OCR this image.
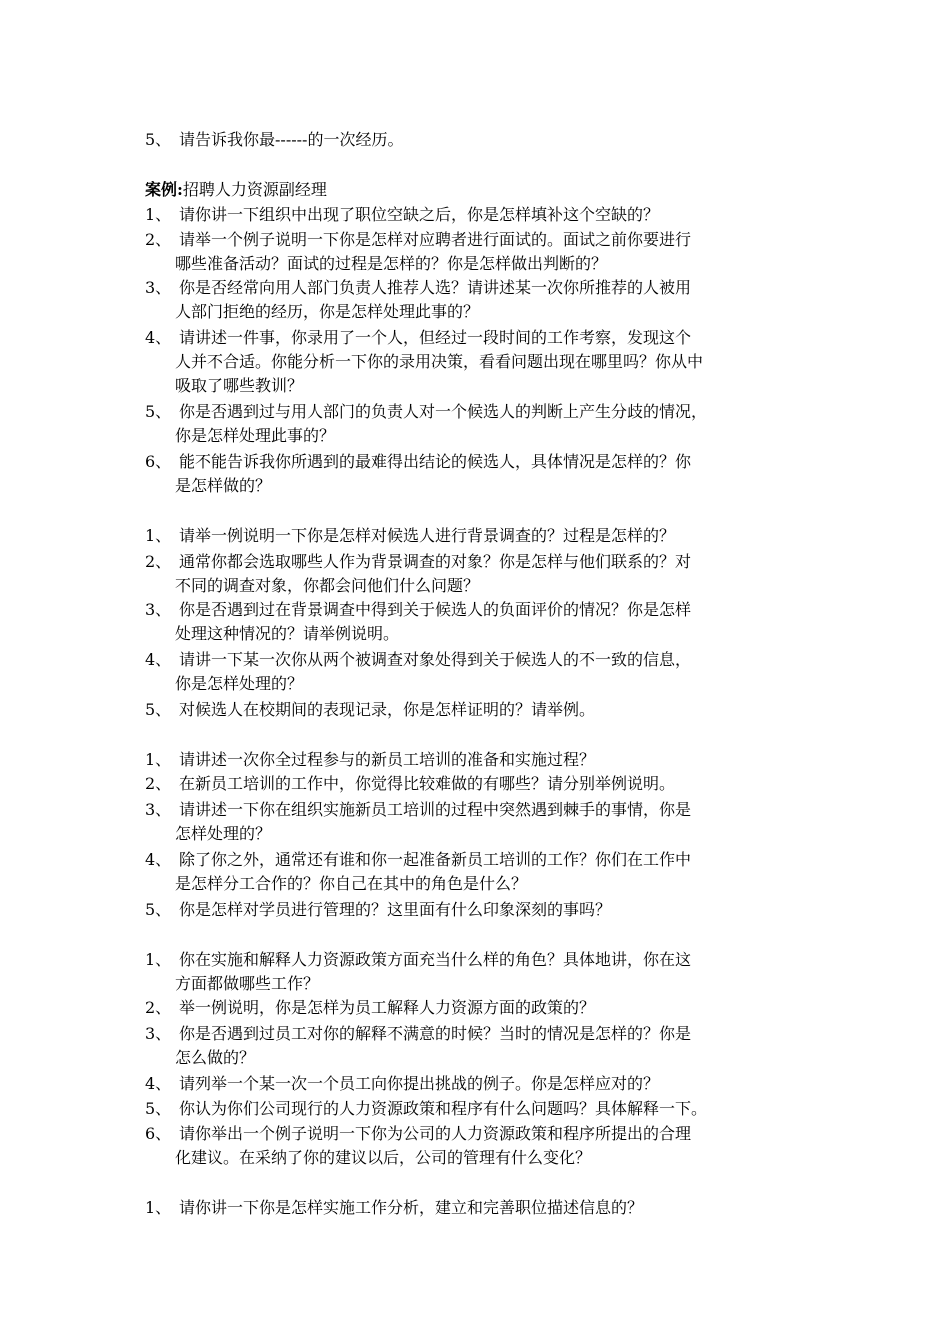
5、 请告诉我你最------的一次经历。
案例:招聘人力资源副经理
1、 请你讲一下组织中出现了职位空缺之后，你是怎样填补这个空缺的？
2、 请举一个例子说明一下你是怎样对应聘者进行面试的。面试之前你要进行
哪些准备活动？面试的过程是怎样的？你是怎样做出判断的？
3、 你是否经常向用人部门负责人推荐人选？请讲述某一次你所推荐的人被用
人部门拒绝的经历，你是怎样处理此事的？
4、 请讲述一件事，你录用了一个人，但经过一段时间的工作考察，发现这个
人并不合适。你能分析一下你的录用决策，看看问题出现在哪里吗？你从中
吸取了哪些教训？
5、 你是否遇到过与用人部门的负责人对一个候选人的判断上产生分歧的情况，
你是怎样处理此事的？
6、 能不能告诉我你所遇到的最难得出结论的候选人，具体情况是怎样的？你
是怎样做的？
1、 请举一例说明一下你是怎样对候选人进行背景调查的？过程是怎样的？
2、 通常你都会选取哪些人作为背景调查的对象？你是怎样与他们联系的？对
不同的调查对象，你都会问他们什么问题？
3、 你是否遇到过在背景调查中得到关于候选人的负面评价的情况？你是怎样
处理这种情况的？请举例说明。
4、 请讲一下某一次你从两个被调查对象处得到关于候选人的不一致的信息，
你是怎样处理的？
5、 对候选人在校期间的表现记录，你是怎样证明的？请举例。
1、 请讲述一次你全过程参与的新员工培训的准备和实施过程？
2、 在新员工培训的工作中，你觉得比较难做的有哪些？请分别举例说明。
3、 请讲述一下你在组织实施新员工培训的过程中突然遇到棘手的事情，你是
怎样处理的？
4、 除了你之外，通常还有谁和你一起准备新员工培训的工作？你们在工作中
是怎样分工合作的？你自己在其中的角色是什么？
5、 你是怎样对学员进行管理的？这里面有什么印象深刻的事吗？
1、 你在实施和解释人力资源政策方面充当什么样的角色？具体地讲，你在这
方面都做哪些工作？
2、 举一例说明，你是怎样为员工解释人力资源方面的政策的？
3、 你是否遇到过员工对你的解释不满意的时候？当时的情况是怎样的？你是
怎么做的？
4、 请列举一个某一次一个员工向你提出挑战的例子。你是怎样应对的？
5、 你认为你们公司现行的人力资源政策和程序有什么问题吗？具体解释一下。
6、 请你举出一个例子说明一下你为公司的人力资源政策和程序所提出的合理
化建议。在采纳了你的建议以后，公司的管理有什么变化？
1、 请你讲一下你是怎样实施工作分析，建立和完善职位描述信息的？
